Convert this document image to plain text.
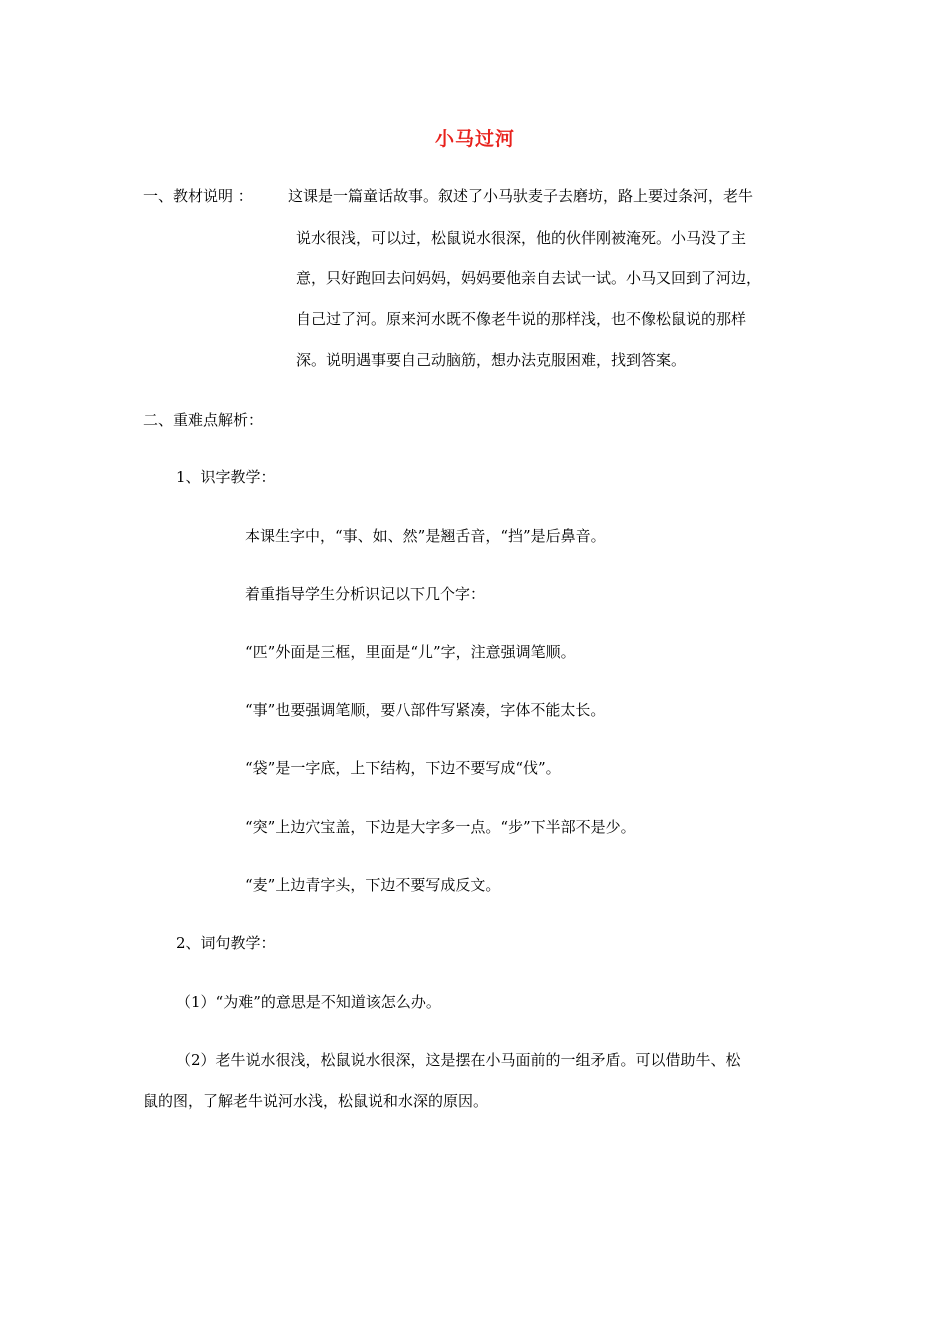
小马过河
一、教材说明 ： 这课是一篇童话故事。叙述了小马驮麦子去磨坊，路上要过条河，老牛
说水很浅，可以过，松鼠说水很深，他的伙伴刚被淹死。小马没了主
意，只好跑回去问妈妈，妈妈要他亲自去试一试。小马又回到了河边，
自己过了河。原来河水既不像老牛说的那样浅，也不像松鼠说的那样
深。说明遇事要自己动脑筋，想办法克服困难，找到答案。
二、重难点解析：
1、识字教学：
本课生字中，“事、如、然”是翘舌音，“挡”是后鼻音。
着重指导学生分析识记以下几个字：
“匹”外面是三框，里面是“儿”字，注意强调笔顺。
“事”也要强调笔顺，要八部件写紧凑，字体不能太长。
“袋”是一字底，上下结构，下边不要写成“伐”。
“突”上边穴宝盖，下边是大字多一点。“步”下半部不是少。
“麦”上边青字头，下边不要写成反文。
2、词句教学：
（1）“为难”的意思是不知道该怎么办。
（2）老牛说水很浅，松鼠说水很深，这是摆在小马面前的一组矛盾。可以借助牛、松
鼠的图，了解老牛说河水浅，松鼠说和水深的原因。
